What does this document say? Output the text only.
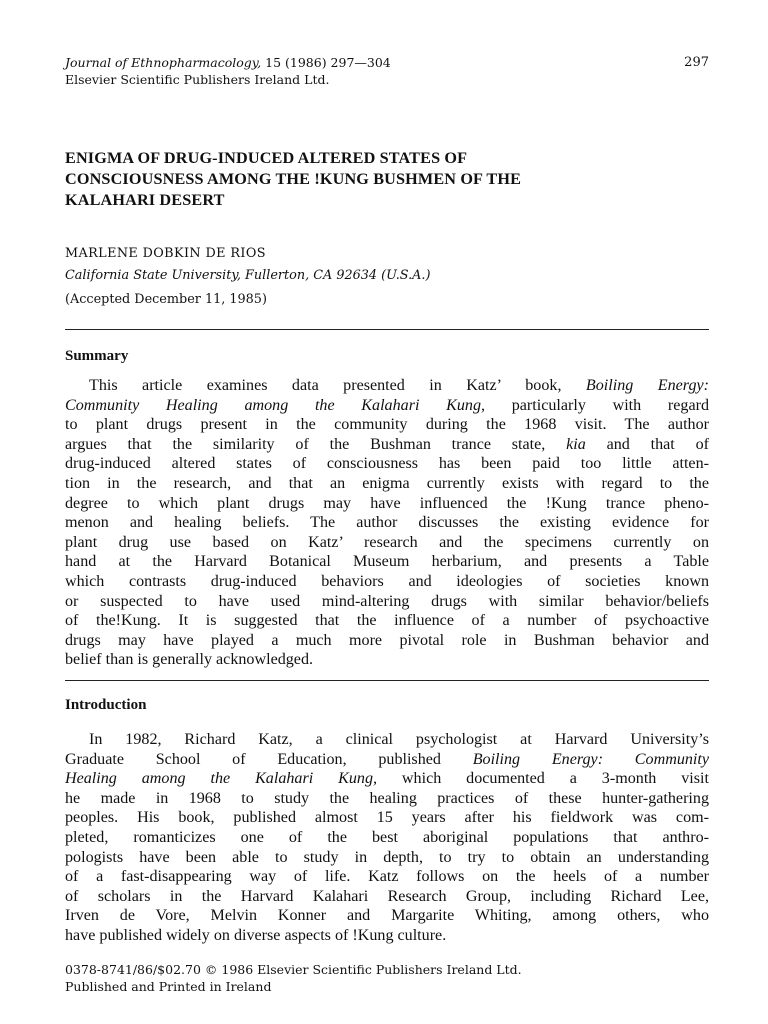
Journal of Ethnopharmacology, 15 (1986) 297—304
Elsevier Scientific Publishers Ireland Ltd.
297
ENIGMA OF DRUG-INDUCED ALTERED STATES OF
CONSCIOUSNESS AMONG THE !KUNG BUSHMEN OF THE
KALAHARI DESERT
MARLENE DOBKIN DE RIOS
California State University, Fullerton, CA 92634 (U.S.A.)
(Accepted December 11, 1985)
Summary
This article examines data presented in Katz’ book, Boiling Energy:
Community Healing among the Kalahari Kung, particularly with regard
to plant drugs present in the community during the 1968 visit. The author
argues that the similarity of the Bushman trance state, kia and that of
drug-induced altered states of consciousness has been paid too little atten-
tion in the research, and that an enigma currently exists with regard to the
degree to which plant drugs may have influenced the !Kung trance pheno-
menon and healing beliefs. The author discusses the existing evidence for
plant drug use based on Katz’ research and the specimens currently on
hand at the Harvard Botanical Museum herbarium, and presents a Table
which contrasts drug-induced behaviors and ideologies of societies known
or suspected to have used mind-altering drugs with similar behavior/beliefs
of the!Kung. It is suggested that the influence of a number of psychoactive
drugs may have played a much more pivotal role in Bushman behavior and
belief than is generally acknowledged.
Introduction
In 1982, Richard Katz, a clinical psychologist at Harvard University’s
Graduate School of Education, published Boiling Energy: Community
Healing among the Kalahari Kung, which documented a 3-month visit
he made in 1968 to study the healing practices of these hunter-gathering
peoples. His book, published almost 15 years after his fieldwork was com-
pleted, romanticizes one of the best aboriginal populations that anthro-
pologists have been able to study in depth, to try to obtain an understanding
of a fast-disappearing way of life. Katz follows on the heels of a number
of scholars in the Harvard Kalahari Research Group, including Richard Lee,
Irven de Vore, Melvin Konner and Margarite Whiting, among others, who
have published widely on diverse aspects of !Kung culture.
0378-8741/86/$02.70 © 1986 Elsevier Scientific Publishers Ireland Ltd.
Published and Printed in Ireland
